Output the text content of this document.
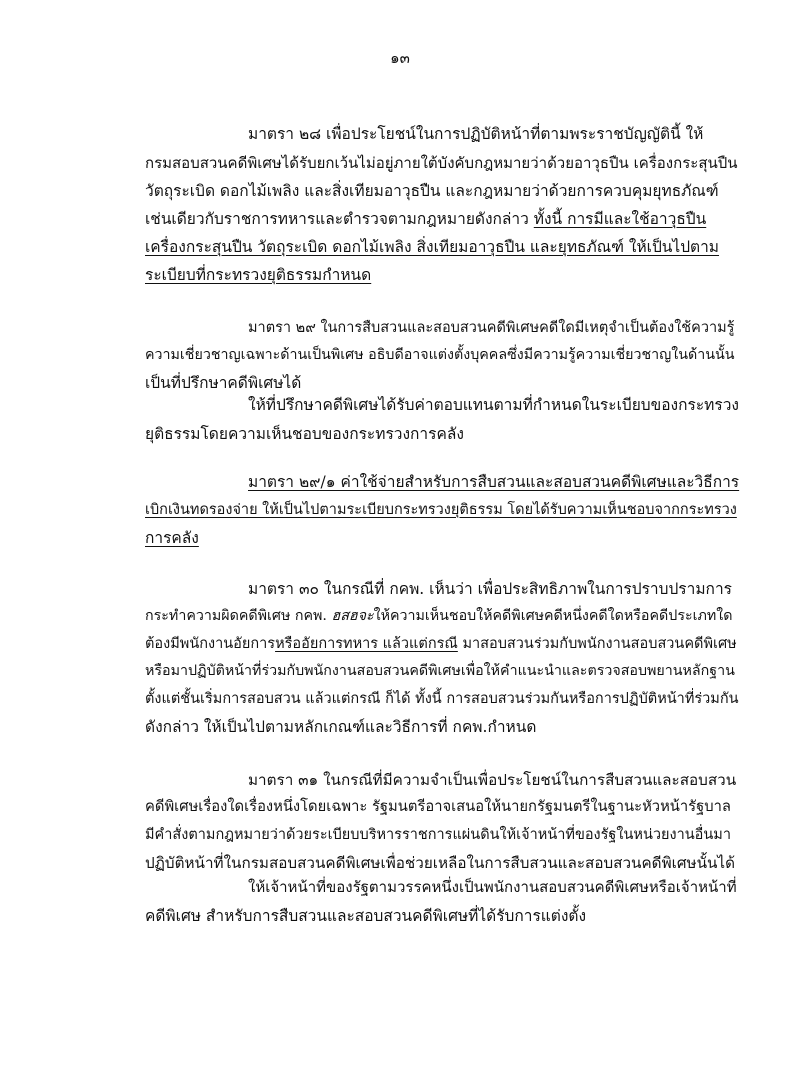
๑๓
มาตรา ๒๘ เพื่อประโยชน์ในการปฏิบัติหน้าที่ตามพระราชบัญญัตินี้ ให้
กรมสอบสวนคดีพิเศษได้รับยกเว้นไม่อยู่ภายใต้บังคับกฎหมายว่าด้วยอาวุธปืน เครื่องกระสุนปืน
วัตถุระเบิด ดอกไม้เพลิง และสิ่งเทียมอาวุธปืน และกฎหมายว่าด้วยการควบคุมยุทธภัณฑ์
เช่นเดียวกับราชการทหารและตำรวจตามกฎหมายดังกล่าว ทั้งนี้ การมีและใช้อาวุธปืน
เครื่องกระสุนปืน วัตถุระเบิด ดอกไม้เพลิง สิ่งเทียมอาวุธปืน และยุทธภัณฑ์ ให้เป็นไปตาม
ระเบียบที่กระทรวงยุติธรรมกำหนด
มาตรา ๒๙ ในการสืบสวนและสอบสวนคดีพิเศษคดีใดมีเหตุจำเป็นต้องใช้ความรู้
ความเชี่ยวชาญเฉพาะด้านเป็นพิเศษ อธิบดีอาจแต่งตั้งบุคคลซึ่งมีความรู้ความเชี่ยวชาญในด้านนั้น
เป็นที่ปรึกษาคดีพิเศษได้
ให้ที่ปรึกษาคดีพิเศษได้รับค่าตอบแทนตามที่กำหนดในระเบียบของกระทรวง
ยุติธรรมโดยความเห็นชอบของกระทรวงการคลัง
มาตรา ๒๙/๑ ค่าใช้จ่ายสำหรับการสืบสวนและสอบสวนคดีพิเศษและวิธีการ
เบิกเงินทดรองจ่าย ให้เป็นไปตามระเบียบกระทรวงยุติธรรม โดยได้รับความเห็นชอบจากกระทรวง
การคลัง
มาตรา ๓๐ ในกรณีที่ กคพ. เห็นว่า เพื่อประสิทธิภาพในการปราบปรามการ
กระทำความผิดคดีพิเศษ กคพ. ฮสฮจะให้ความเห็นชอบให้คดีพิเศษคดีหนึ่งคดีใดหรือคดีประเภทใด
ต้องมีพนักงานอัยการหรืออัยการทหาร แล้วแต่กรณี มาสอบสวนร่วมกับพนักงานสอบสวนคดีพิเศษ
หรือมาปฏิบัติหน้าที่ร่วมกับพนักงานสอบสวนคดีพิเศษเพื่อให้คำแนะนำและตรวจสอบพยานหลักฐาน
ตั้งแต่ชั้นเริ่มการสอบสวน แล้วแต่กรณี ก็ได้ ทั้งนี้ การสอบสวนร่วมกันหรือการปฏิบัติหน้าที่ร่วมกัน
ดังกล่าว ให้เป็นไปตามหลักเกณฑ์และวิธีการที่ กคพ.กำหนด
มาตรา ๓๑ ในกรณีที่มีความจำเป็นเพื่อประโยชน์ในการสืบสวนและสอบสวน
คดีพิเศษเรื่องใดเรื่องหนึ่งโดยเฉพาะ รัฐมนตรีอาจเสนอให้นายกรัฐมนตรีในฐานะหัวหน้ารัฐบาล
มีคำสั่งตามกฎหมายว่าด้วยระเบียบบริหารราชการแผ่นดินให้เจ้าหน้าที่ของรัฐในหน่วยงานอื่นมา
ปฏิบัติหน้าที่ในกรมสอบสวนคดีพิเศษเพื่อช่วยเหลือในการสืบสวนและสอบสวนคดีพิเศษนั้นได้
ให้เจ้าหน้าที่ของรัฐตามวรรคหนึ่งเป็นพนักงานสอบสวนคดีพิเศษหรือเจ้าหน้าที่
คดีพิเศษ สำหรับการสืบสวนและสอบสวนคดีพิเศษที่ได้รับการแต่งตั้ง
